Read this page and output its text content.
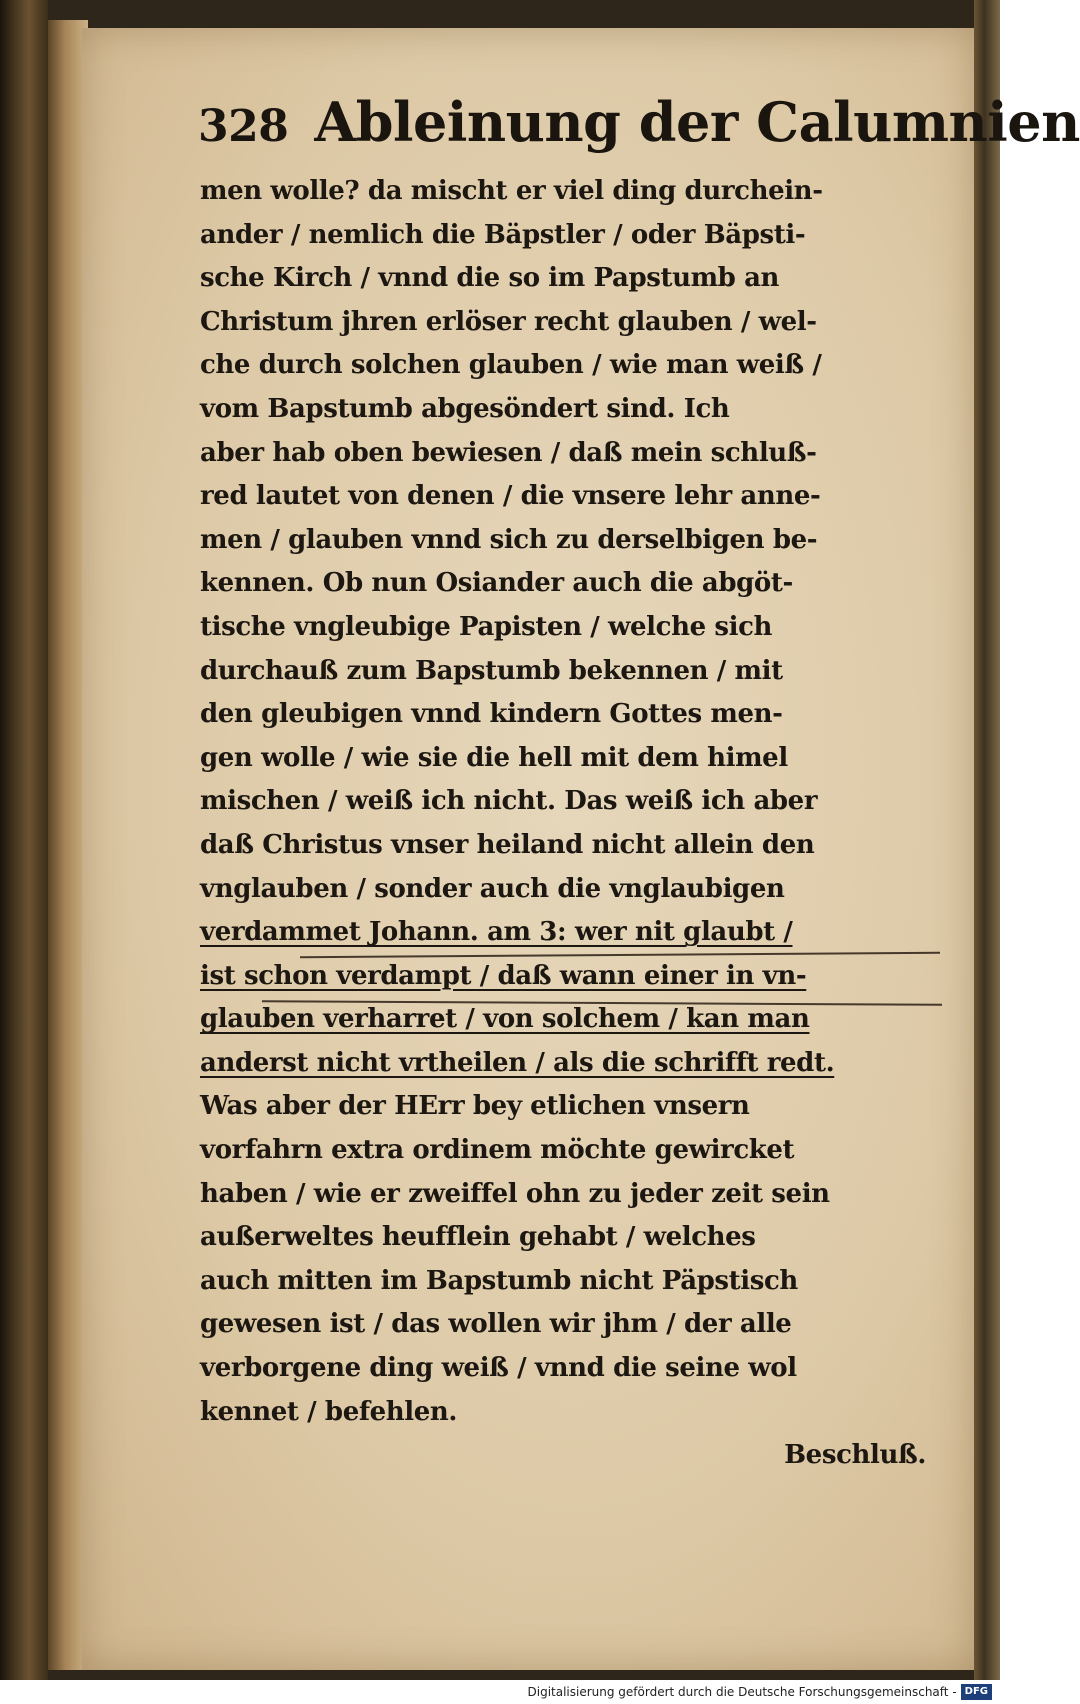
328 Ableinung der Calumnien
men wolle? da mischt er viel ding durchein-
ander / nemlich die Bäpstler / oder Bäpsti-
sche Kirch / vnnd die so im Papstumb an
Christum jhren erlöser recht glauben / wel-
che durch solchen glauben / wie man weiß /
vom Bapstumb abgesöndert sind. Ich
aber hab oben bewiesen / daß mein schluß-
red lautet von denen / die vnsere lehr anne-
men / glauben vnnd sich zu derselbigen be-
kennen. Ob nun Osiander auch die abgöt-
tische vngleubige Papisten / welche sich
durchauß zum Bapstumb bekennen / mit
den gleubigen vnnd kindern Gottes men-
gen wolle / wie sie die hell mit dem himel
mischen / weiß ich nicht. Das weiß ich aber
daß Christus vnser heiland nicht allein den
vnglauben / sonder auch die vnglaubigen
verdammet Johann. am 3: wer nit glaubt /
ist schon verdampt / daß wann einer in vn-
glauben verharret / von solchem / kan man
anderst nicht vrtheilen / als die schrifft redt.
Was aber der HErr bey etlichen vnsern
vorfahrn extra ordinem möchte gewircket
haben / wie er zweiffel ohn zu jeder zeit sein
außerweltes heufflein gehabt / welches
auch mitten im Bapstumb nicht Päpstisch
gewesen ist / das wollen wir jhm / der alle
verborgene ding weiß / vnnd die seine wol
kennet / befehlen.
Beschluß.
Digitalisierung gefördert durch die Deutsche Forschungsgemeinschaft - DFG
